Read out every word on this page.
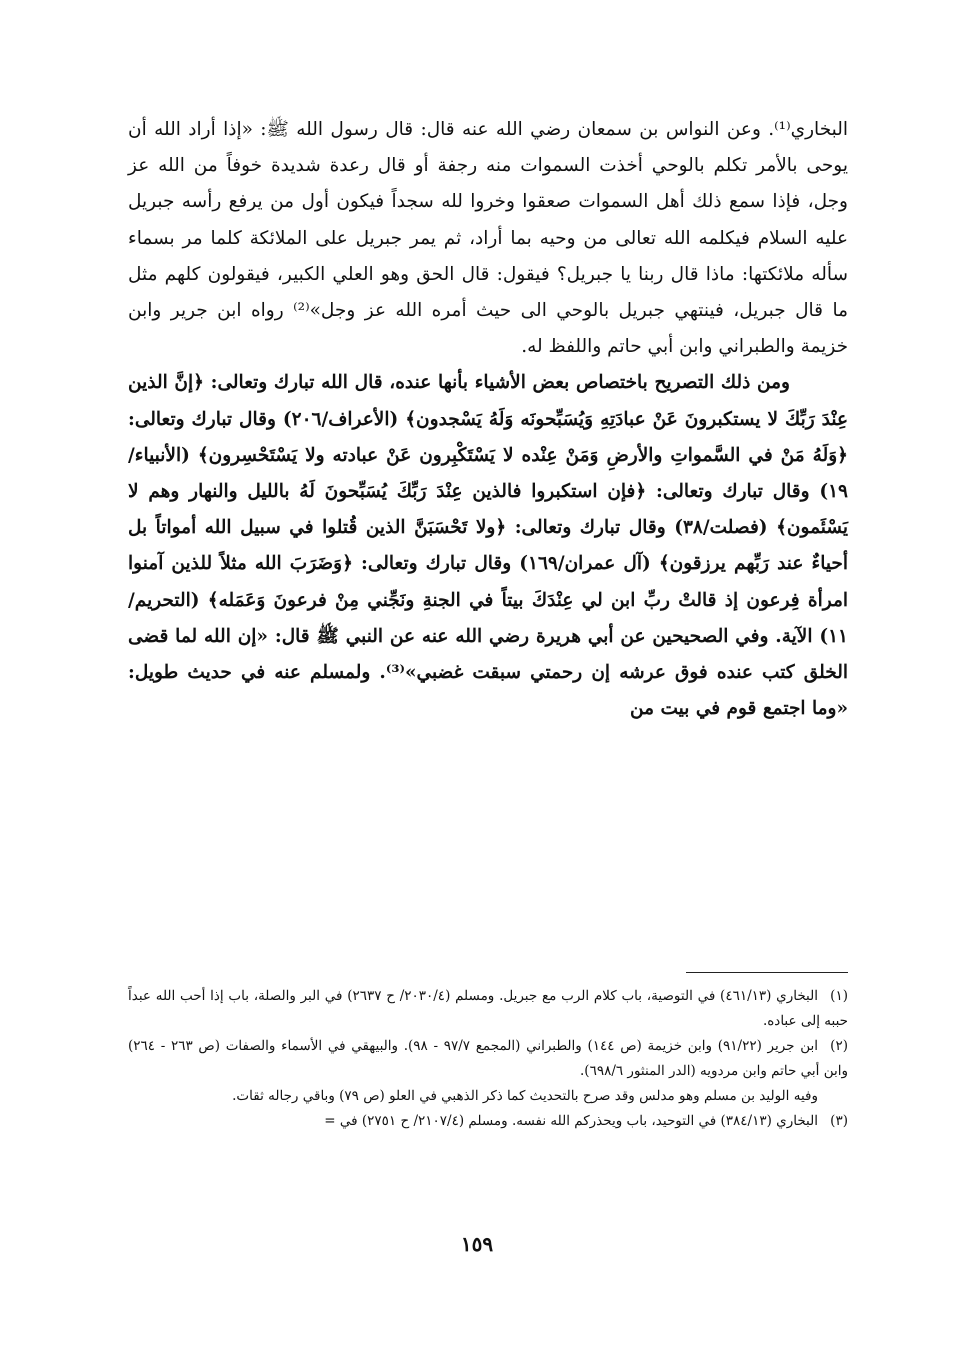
البخاري⁽¹⁾. وعن النواس بن سمعان رضي الله عنه قال: قال رسول الله ﷺ: «إذا أراد الله أن يوحى بالأمر تكلم بالوحي أخذت السموات منه رجفة أو قال رعدة شديدة خوفاً من الله عز وجل، فإذا سمع ذلك أهل السموات صعقوا وخروا لله سجداً فيكون أول من يرفع رأسه جبريل عليه السلام فيكلمه الله تعالى من وحيه بما أراد، ثم يمر جبريل على الملائكة كلما مر بسماء سأله ملائكتها: ماذا قال ربنا يا جبريل؟ فيقول: قال الحق وهو العلي الكبير، فيقولون كلهم مثل ما قال جبريل، فينتهي جبريل بالوحي الى حيث أمره الله عز وجل»⁽²⁾ رواه ابن جرير وابن خزيمة والطبراني وابن أبي حاتم واللفظ له.

ومن ذلك التصريح باختصاص بعض الأشياء بأنها عنده، قال الله تبارك وتعالى: ﴿إنَّ الذين عِنْدَ رَبِّكَ لا يستكبرونَ عَنْ عبادَتِهِ وَيُسَبِّحونَه وَلَهُ يَسْجدون﴾ (الأعراف/٢٠٦) وقال تبارك وتعالى: ﴿وَلَهُ مَنْ في السَّمواتِ والأرضِ وَمَنْ عِنْده لا يَسْتَكْبِرون عَنْ عبادته ولا يَسْتَحْسِرون﴾ (الأنبياء/١٩) وقال تبارك وتعالى: ﴿فإن استكبروا فالذين عِنْدَ رَبِّكَ يُسَبِّحونَ لَهُ بالليل والنهار وهم لا يَسْئَمون﴾ (فصلت/٣٨) وقال تبارك وتعالى: ﴿ولا تَحْسَبَنَّ الذين قُتلوا في سبيل الله أمواتاً بل أحياءٌ عند رَبِّهم يرزقون﴾ (آل عمران/١٦٩) وقال تبارك وتعالى: ﴿وَضَرَبَ الله مثلاً للذين آمنوا امرأة فِرعون إذ قالتْ ربِّ ابن لي عِنْدَكَ بيتاً في الجنةِ ونَجِّني مِنْ فرعونَ وَعَمَله﴾ (التحريم/١١) الآية. وفي الصحيحين عن أبي هريرة رضي الله عنه عن النبي ﷺ قال: «إن الله لما قضى الخلق كتب عنده فوق عرشه إن رحمتي سبقت غضبي»⁽³⁾. ولمسلم عنه في حديث طويل: «وما اجتمع قوم في بيت من

(١)البخاري (٤٦١/١٣) في التوصية، باب كلام الرب مع جبريل. ومسلم (٢٠٣٠/٤/ ح ٢٦٣٧) في البر والصلة، باب إذا أحب الله عبداً حببه إلى عباده.

(٢)ابن جرير (٩١/٢٢) وابن خزيمة (ص ١٤٤) والطبراني (المجمع ٩٧/٧ - ٩٨). والبيهقي في الأسماء والصفات (ص ٢٦٣ - ٢٦٤) وابن أبي حاتم وابن مردويه (الدر المنثور ٦٩٨/٦).

وفيه الوليد بن مسلم وهو مدلس وقد صرح بالتحديث كما ذكر الذهبي في العلو (ص ٧٩) وباقي رجاله ثقات.

(٣)البخاري (٣٨٤/١٣) في التوحيد، باب ويحذركم الله نفسه. ومسلم (٢١٠٧/٤/ ح ٢٧٥١) في =

١٥٩
